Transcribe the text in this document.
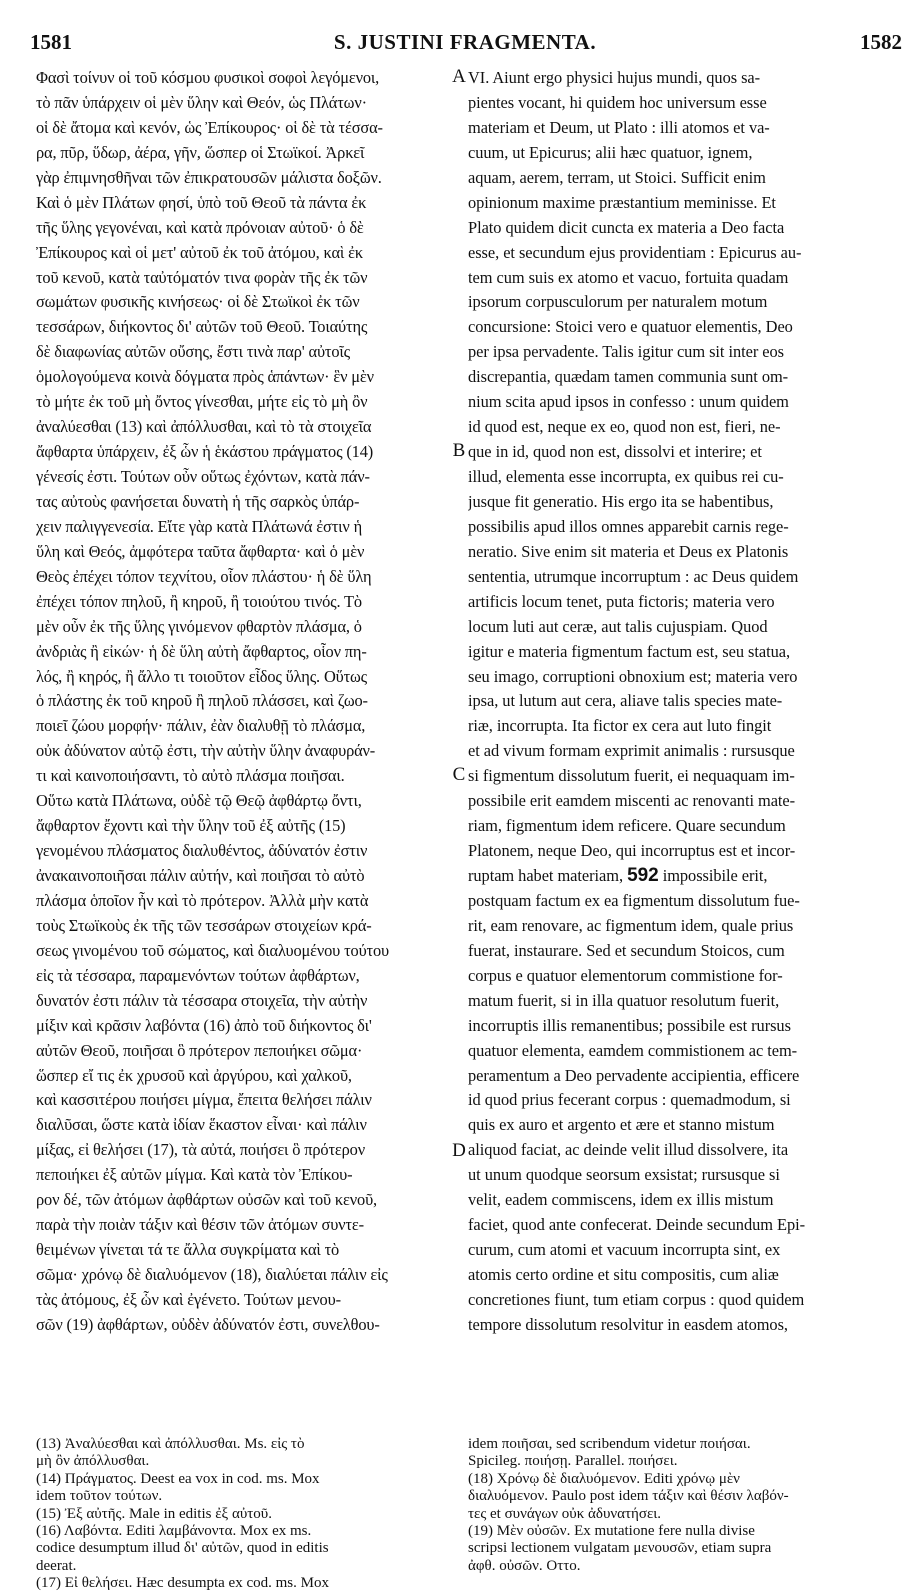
1581	S. JUSTINI FRAGMENTA.	1582
Φασὶ τοίνυν οἱ τοῦ κόσμου φυσικοὶ σοφοὶ λεγόμενοι,
τὸ πᾶν ὑπάρχειν οἱ μὲν ὕλην καὶ Θεόν, ὡς Πλάτων·
οἱ δὲ ἄτομα καὶ κενόν, ὡς Ἐπίκουρος· οἱ δὲ τὰ τέσσα-
ρα, πῦρ, ὕδωρ, ἀέρα, γῆν, ὥσπερ οἱ Στωϊκοί. Ἀρκεῖ
γὰρ ἐπιμνησθῆναι τῶν ἐπικρατουσῶν μάλιστα δοξῶν.
Καὶ ὁ μὲν Πλάτων φησί, ὑπὸ τοῦ Θεοῦ τὰ πάντα ἐκ
τῆς ὕλης γεγονέναι, καὶ κατὰ πρόνοιαν αὐτοῦ· ὁ δὲ
Ἐπίκουρος καὶ οἱ μετ' αὐτοῦ ἐκ τοῦ ἀτόμου, καὶ ἐκ
τοῦ κενοῦ, κατὰ ταὐτόματόν τινα φορὰν τῆς ἐκ τῶν
σωμάτων φυσικῆς κινήσεως· οἱ δὲ Στωϊκοὶ ἐκ τῶν
τεσσάρων, διήκοντος δι' αὐτῶν τοῦ Θεοῦ. Τοιαύτης
δὲ διαφωνίας αὐτῶν οὔσης, ἔστι τινὰ παρ' αὐτοῖς
ὁμολογούμενα κοινὰ δόγματα πρὸς ἁπάντων· ἓν μὲν
τὸ μήτε ἐκ τοῦ μὴ ὄντος γίνεσθαι, μήτε εἰς τὸ μὴ ὂν
ἀναλύεσθαι (13) καὶ ἀπόλλυσθαι, καὶ τὸ τὰ στοιχεῖα
ἄφθαρτα ὑπάρχειν, ἐξ ὧν ἡ ἑκάστου πράγματος (14)
γένεσίς ἐστι. Τούτων οὖν οὕτως ἐχόντων, κατὰ πάν-
τας αὐτοὺς φανήσεται δυνατὴ ἡ τῆς σαρκὸς ὑπάρ-
χειν παλιγγενεσία. Εἴτε γὰρ κατὰ Πλάτωνά ἐστιν ἡ
ὕλη καὶ Θεός, ἀμφότερα ταῦτα ἄφθαρτα· καὶ ὁ μὲν
Θεὸς ἐπέχει τόπον τεχνίτου, οἷον πλάστου· ἡ δὲ ὕλη
ἐπέχει τόπον πηλοῦ, ἢ κηροῦ, ἢ τοιούτου τινός. Τὸ
μὲν οὖν ἐκ τῆς ὕλης γινόμενον φθαρτὸν πλάσμα, ὁ
ἀνδριὰς ἢ εἰκών· ἡ δὲ ὕλη αὐτὴ ἄφθαρτος, οἷον πη-
λός, ἢ κηρός, ἢ ἄλλο τι τοιοῦτον εἶδος ὕλης. Οὕτως
ὁ πλάστης ἐκ τοῦ κηροῦ ἢ πηλοῦ πλάσσει, καὶ ζωο-
ποιεῖ ζώου μορφήν· πάλιν, ἐὰν διαλυθῇ τὸ πλάσμα,
οὐκ ἀδύνατον αὐτῷ ἐστι, τὴν αὐτὴν ὕλην ἀναφυράν-
τι καὶ καινοποιήσαντι, τὸ αὐτὸ πλάσμα ποιῆσαι.
Οὕτω κατὰ Πλάτωνα, οὐδὲ τῷ Θεῷ ἀφθάρτῳ ὄντι,
ἄφθαρτον ἔχοντι καὶ τὴν ὕλην τοῦ ἐξ αὐτῆς (15)
γενομένου πλάσματος διαλυθέντος, ἀδύνατόν ἐστιν
ἀνακαινοποιῆσαι πάλιν αὐτήν, καὶ ποιῆσαι τὸ αὐτὸ
πλάσμα ὁποῖον ἦν καὶ τὸ πρότερον. Ἀλλὰ μὴν κατὰ
τοὺς Στωϊκοὺς ἐκ τῆς τῶν τεσσάρων στοιχείων κρά-
σεως γινομένου τοῦ σώματος, καὶ διαλυομένου τούτου
εἰς τὰ τέσσαρα, παραμενόντων τούτων ἀφθάρτων,
δυνατόν ἐστι πάλιν τὰ τέσσαρα στοιχεῖα, τὴν αὐτὴν
μίξιν καὶ κρᾶσιν λαβόντα (16) ἀπὸ τοῦ διήκοντος δι'
αὐτῶν Θεοῦ, ποιῆσαι ὃ πρότερον πεποιήκει σῶμα·
ὥσπερ εἴ τις ἐκ χρυσοῦ καὶ ἀργύρου, καὶ χαλκοῦ,
καὶ κασσιτέρου ποιήσει μίγμα, ἔπειτα θελήσει πάλιν
διαλῦσαι, ὥστε κατὰ ἰδίαν ἕκαστον εἶναι· καὶ πάλιν
μίξας, εἰ θελήσει (17), τὰ αὐτά, ποιήσει ὃ πρότερον
πεποιήκει ἐξ αὐτῶν μίγμα. Καὶ κατὰ τὸν Ἐπίκου-
ρον δέ, τῶν ἀτόμων ἀφθάρτων οὐσῶν καὶ τοῦ κενοῦ,
παρὰ τὴν ποιὰν τάξιν καὶ θέσιν τῶν ἀτόμων συντε-
θειμένων γίνεται τά τε ἄλλα συγκρίματα καὶ τὸ
σῶμα· χρόνῳ δὲ διαλυόμενον (18), διαλύεται πάλιν εἰς
τὰς ἀτόμους, ἐξ ὧν καὶ ἐγένετο. Τούτων μενου-
σῶν (19) ἀφθάρτων, οὐδὲν ἀδύνατόν ἐστι, συνελθου-
VI. Aiunt ergo physici hujus mundi, quos sa-
pientes vocant, hi quidem hoc universum esse
materiam et Deum, ut Plato : illi atomos et va-
cuum, ut Epicurus; alii hæc quatuor, ignem,
aquam, aerem, terram, ut Stoici. Sufficit enim
opinionum maxime præstantium meminisse. Et
Plato quidem dicit cuncta ex materia a Deo facta
esse, et secundum ejus providentiam : Epicurus au-
tem cum suis ex atomo et vacuo, fortuita quadam
ipsorum corpusculorum per naturalem motum
concursione: Stoici vero e quatuor elementis, Deo
per ipsa pervadente. Talis igitur cum sit inter eos
discrepantia, quædam tamen communia sunt om-
nium scita apud ipsos in confesso : unum quidem
id quod est, neque ex eo, quod non est, fieri, ne-
que in id, quod non est, dissolvi et interire; et
illud, elementa esse incorrupta, ex quibus rei cu-
jusque fit generatio. His ergo ita se habentibus,
possibilis apud illos omnes apparebit carnis rege-
neratio. Sive enim sit materia et Deus ex Platonis
sententia, utrumque incorruptum : ac Deus quidem
artificis locum tenet, puta fictoris; materia vero
locum luti aut ceræ, aut talis cujuspiam. Quod
igitur e materia figmentum factum est, seu statua,
seu imago, corruptioni obnoxium est; materia vero
ipsa, ut lutum aut cera, aliave talis species mate-
riæ, incorrupta. Ita fictor ex cera aut luto fingit
et ad vivum formam exprimit animalis : rursusque
si figmentum dissolutum fuerit, ei nequaquam im-
possibile erit eamdem miscenti ac renovanti mate-
riam, figmentum idem reficere. Quare secundum
Platonem, neque Deo, qui incorruptus est et incor-
ruptam habet materiam, 592 impossibile erit,
postquam factum ex ea figmentum dissolutum fue-
rit, eam renovare, ac figmentum idem, quale prius
fuerat, instaurare. Sed et secundum Stoicos, cum
corpus e quatuor elementorum commistione for-
matum fuerit, si in illa quatuor resolutum fuerit,
incorruptis illis remanentibus; possibile est rursus
quatuor elementa, eamdem commistionem ac tem-
peramentum a Deo pervadente accipientia, efficere
id quod prius fecerant corpus : quemadmodum, si
quis ex auro et argento et ære et stanno mistum
aliquod faciat, ac deinde velit illud dissolvere, ita
ut unum quodque seorsum exsistat; rursusque si
velit, eadem commiscens, idem ex illis mistum
faciet, quod ante confecerat. Deinde secundum Epi-
curum, cum atomi et vacuum incorrupta sint, ex
atomis certo ordine et situ compositis, cum aliæ
concretiones fiunt, tum etiam corpus : quod quidem
tempore dissolutum resolvitur in easdem atomos,
A
B
C
D
(13) Ἀναλύεσθαι καὶ ἀπόλλυσθαι. Ms. εἰς τὸ
μὴ ὂν ἀπόλλυσθαι.
(14) Πράγματος. Deest ea vox in cod. ms. Mox
idem τοῦτον τούτων.
(15) Ἐξ αὐτῆς. Male in editis ἐξ αὐτοῦ.
(16) Λαβόντα. Editi λαμβάνοντα. Mox ex ms.
codice desumptum illud δι' αὐτῶν, quod in editis
deerat.
(17) Εἰ θελήσει. Hæc desumpta ex cod. ms. Mox
idem ποιῆσαι, sed scribendum videtur ποιήσαι.
Spicileg. ποιήσῃ. Parallel. ποιήσει.
(18) Χρόνῳ δὲ διαλυόμενον. Editi χρόνῳ μὲν
διαλυόμενον. Paulo post idem τάξιν καὶ θέσιν λαβόν-
τες et συνάγων οὐκ ἀδυνατήσει.
(19) Μὲν οὐσῶν. Ex mutatione fere nulla divise
scripsi lectionem vulgatam μενουσῶν, etiam supra
ἀφθ. οὐσῶν. Οττο.
